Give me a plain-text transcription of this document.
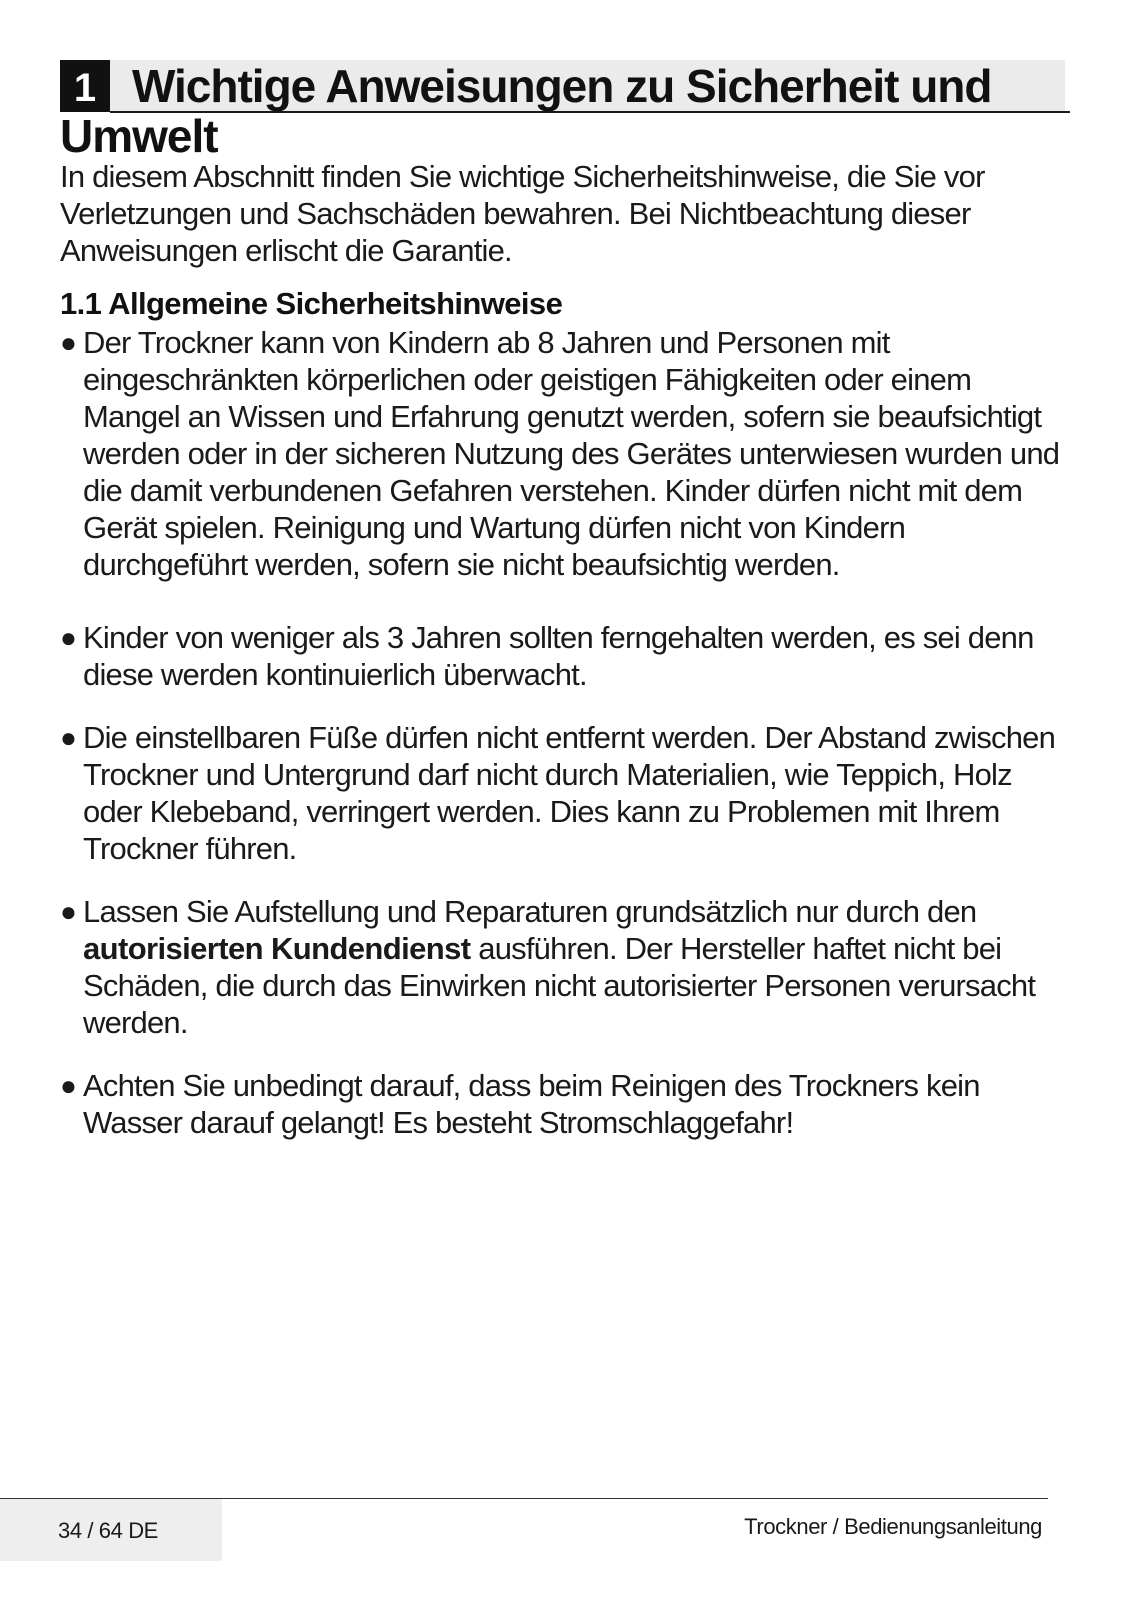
1 Wichtige Anweisungen zu Sicherheit und
Umwelt

In diesem Abschnitt finden Sie wichtige Sicherheitshinweise, die Sie vor Verletzungen und Sachschäden bewahren. Bei Nichtbeachtung dieser Anweisungen erlischt die Garantie.

1.1 Allgemeine Sicherheitshinweise
● Der Trockner kann von Kindern ab 8 Jahren und Personen mit eingeschränkten körperlichen oder geistigen Fähigkeiten oder einem Mangel an Wissen und Erfahrung genutzt werden, sofern sie beaufsichtigt werden oder in der sicheren Nutzung des Gerätes unterwiesen wurden und die damit verbundenen Gefahren verstehen. Kinder dürfen nicht mit dem Gerät spielen. Reinigung und Wartung dürfen nicht von Kindern durchgeführt werden, sofern sie nicht beaufsichtig werden.
● Kinder von weniger als 3 Jahren sollten ferngehalten werden, es sei denn diese werden kontinuierlich überwacht.
● Die einstellbaren Füße dürfen nicht entfernt werden. Der Abstand zwischen Trockner und Untergrund darf nicht durch Materialien, wie Teppich, Holz oder Klebeband, verringert werden. Dies kann zu Problemen mit Ihrem Trockner führen.
● Lassen Sie Aufstellung und Reparaturen grundsätzlich nur durch den autorisierten Kundendienst ausführen. Der Hersteller haftet nicht bei Schäden, die durch das Einwirken nicht autorisierter Personen verursacht werden.
● Achten Sie unbedingt darauf, dass beim Reinigen des Trockners kein Wasser darauf gelangt! Es besteht Stromschlaggefahr!
34 / 64 DE	Trockner / Bedienungsanleitung
